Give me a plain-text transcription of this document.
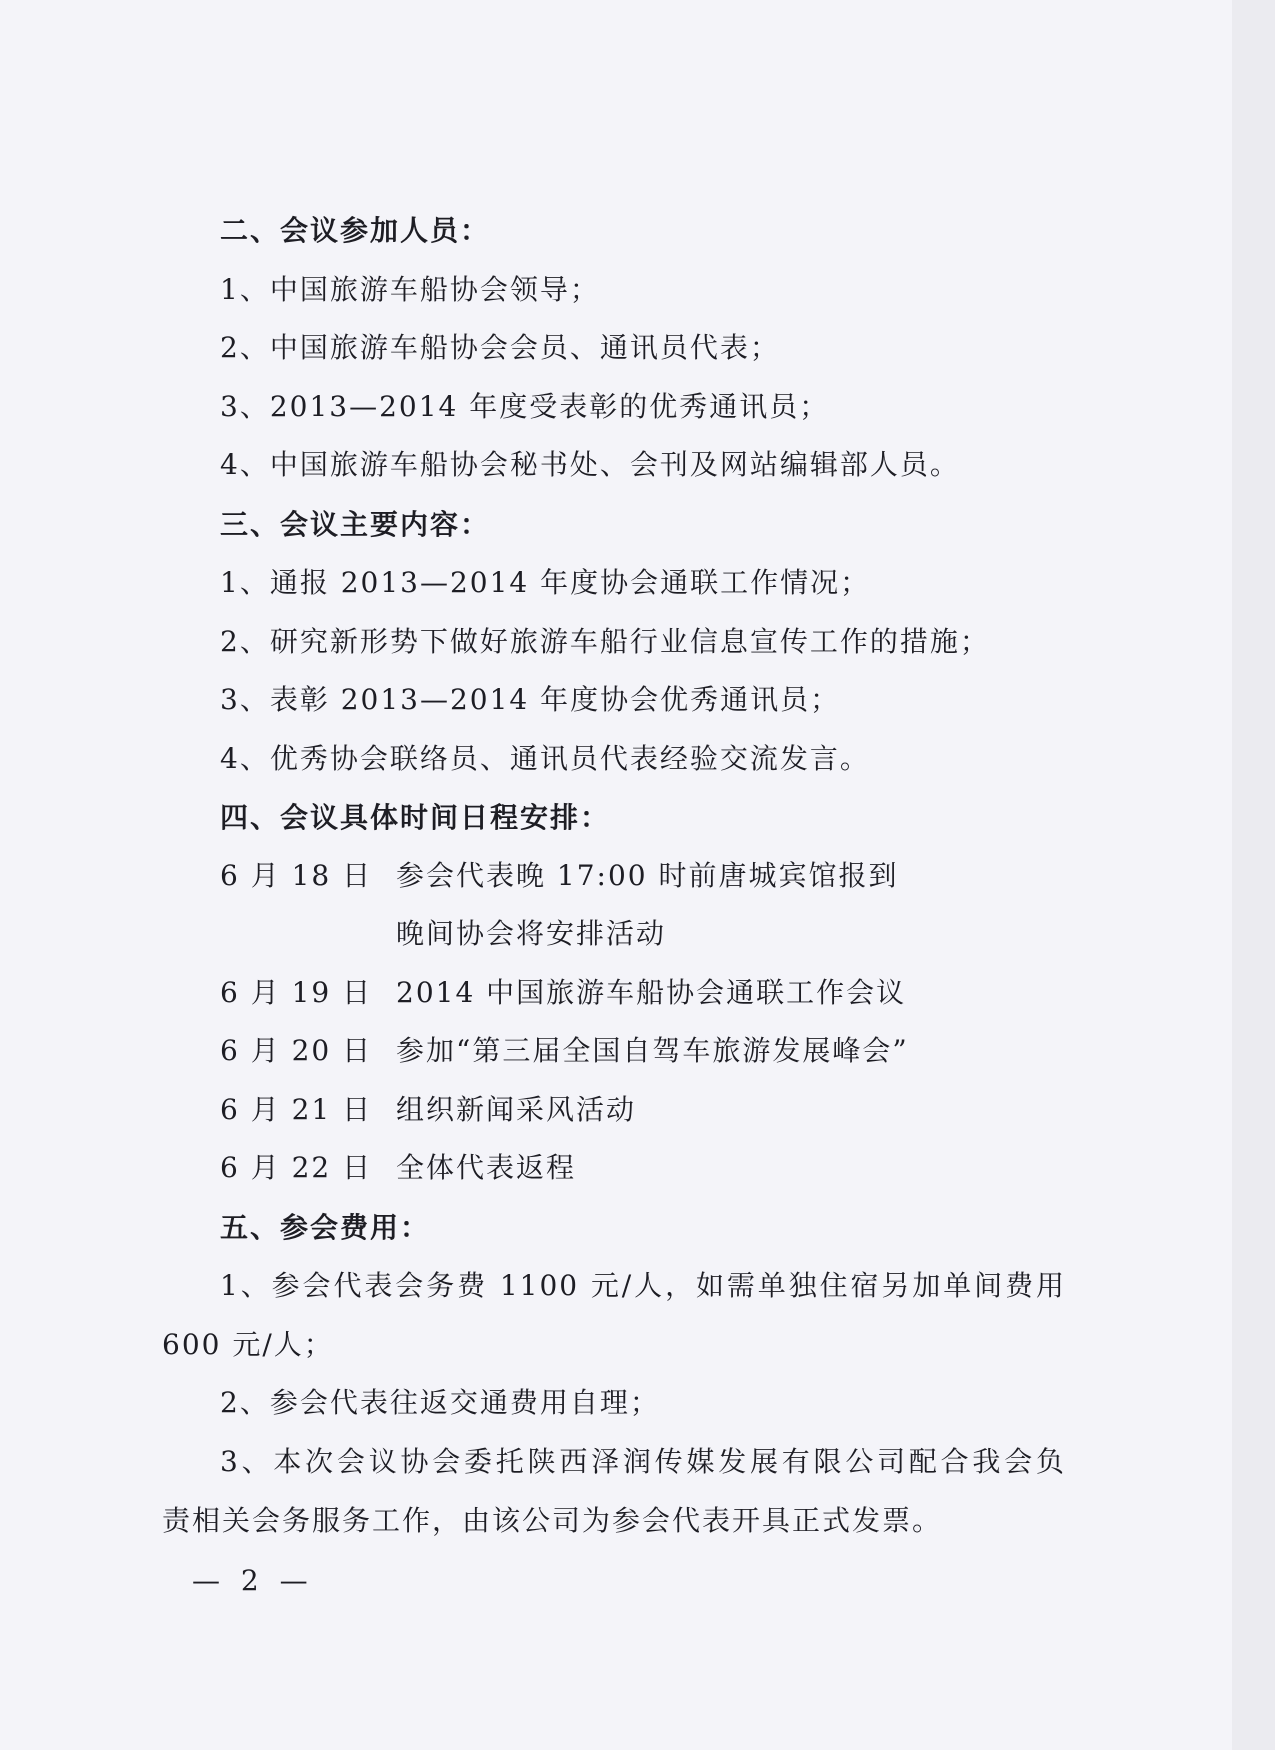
二、会议参加人员：
1、中国旅游车船协会领导；
2、中国旅游车船协会会员、通讯员代表；
3、2013—2014 年度受表彰的优秀通讯员；
4、中国旅游车船协会秘书处、会刊及网站编辑部人员。
三、会议主要内容：
1、通报 2013—2014 年度协会通联工作情况；
2、研究新形势下做好旅游车船行业信息宣传工作的措施；
3、表彰 2013—2014 年度协会优秀通讯员；
4、优秀协会联络员、通讯员代表经验交流发言。
四、会议具体时间日程安排：
6 月 18 日 参会代表晚 17:00 时前唐城宾馆报到
晚间协会将安排活动
6 月 19 日 2014 中国旅游车船协会通联工作会议
6 月 20 日 参加“第三届全国自驾车旅游发展峰会”
6 月 21 日 组织新闻采风活动
6 月 22 日 全体代表返程
五、参会费用：
1、参会代表会务费 1100 元/人，如需单独住宿另加单间费用
600 元/人；
2、参会代表往返交通费用自理；
3、本次会议协会委托陕西泽润传媒发展有限公司配合我会负
责相关会务服务工作，由该公司为参会代表开具正式发票。
— 2 —
